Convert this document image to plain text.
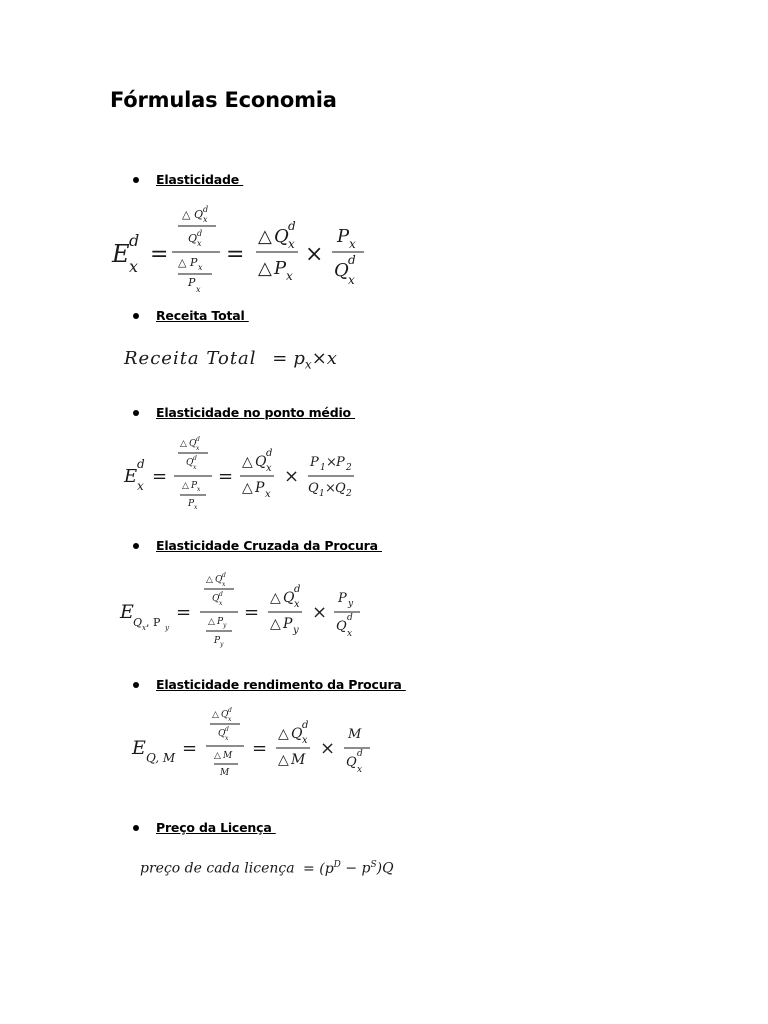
Fórmulas Economia
Elasticidade
E d
x =
△ Q d
x
Q d
x
△ P x
P
x
=
△ Q d
x
△ P x
×
P x
Q d
x
Receita Total
Receita Total = $p_x\times x$
Elasticidade no ponto médio
E
d
x =
△ Q d
x
Q d
x
△ P x
P x
=
△ Q
d
x
△ P x
×
P 1 × P 2
Q 1 × Q 2
Elasticidade Cruzada da Procura
E Q x , P y
=
△ Q d
x
Q d
x
△ P y
P y
=
△ Q
d
x
△ P y
×
P y
Q
d
x
Elasticidade rendimento da Procura
E Q, M =
△ Q d
x
Q d
x
△ M
M
=
△ Q
d
x
△ M
×
M
Q
d
x
Preço da Licença
preço de cada licença = $(p^D - p^S)Q$
